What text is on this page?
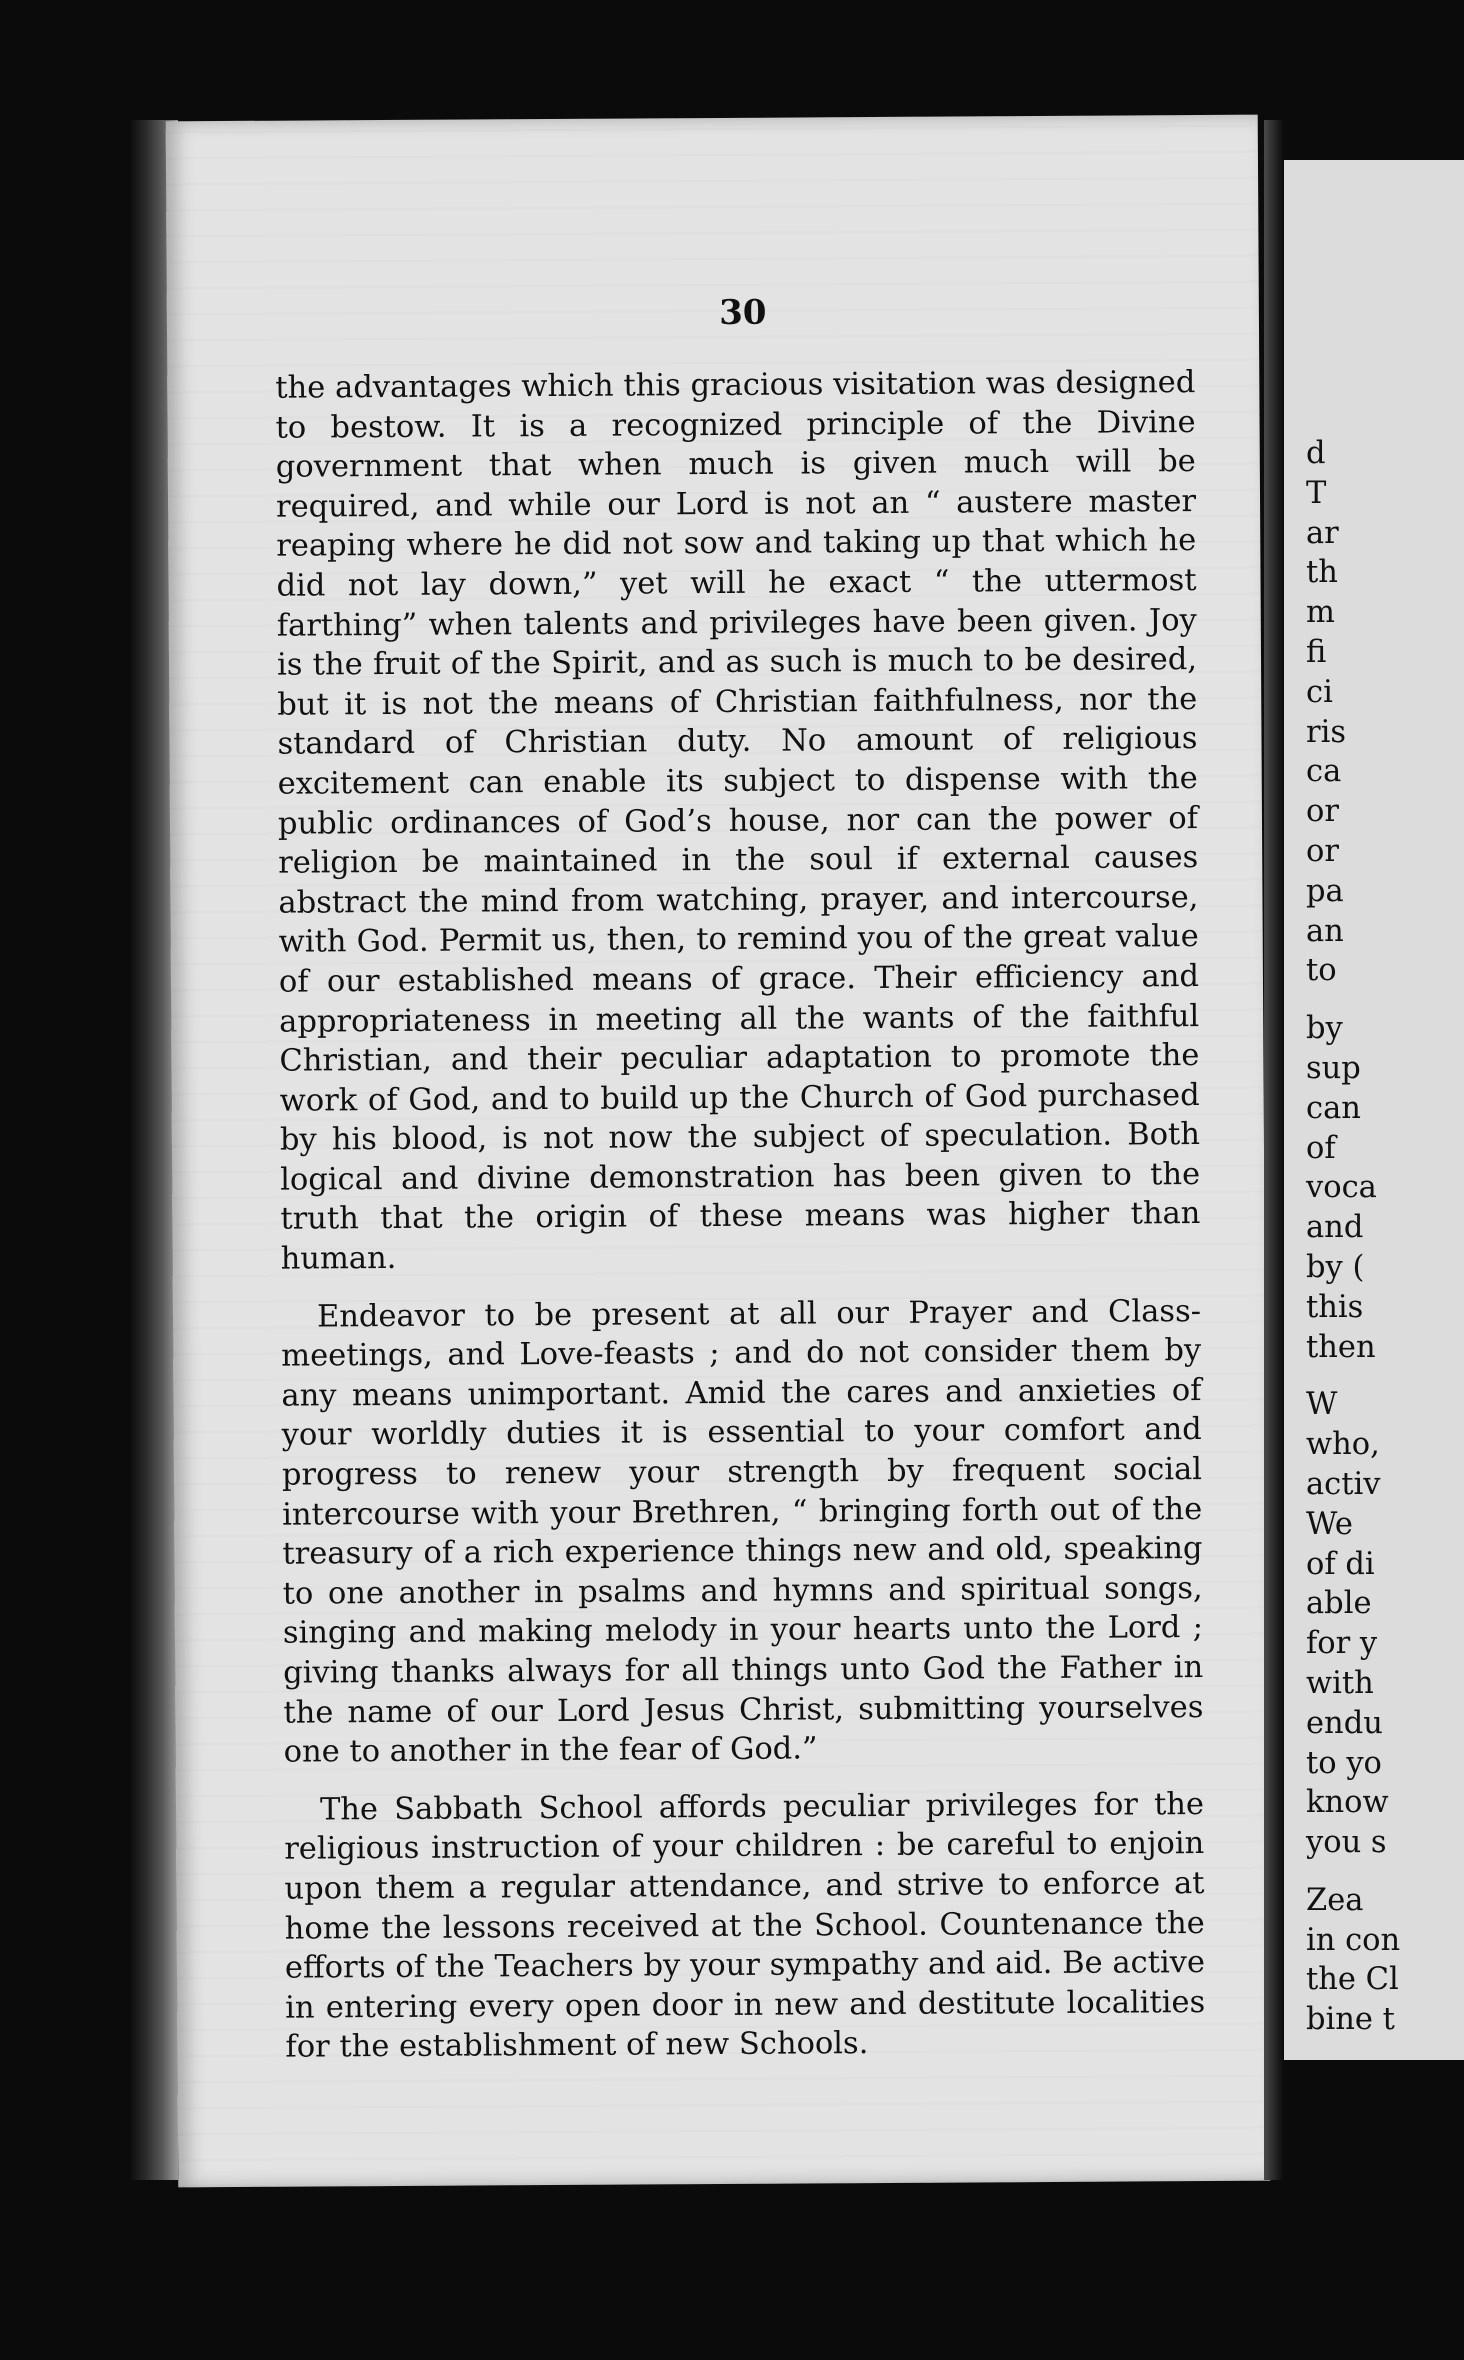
30

the advantages which this gracious visitation was designed to bestow. It is a recognized principle of the Divine government that when much is given much will be required, and while our Lord is not an “ austere master reaping where he did not sow and taking up that which he did not lay down,” yet will he exact “ the uttermost farthing” when talents and privileges have been given. Joy is the fruit of the Spirit, and as such is much to be desired, but it is not the means of Christian faithfulness, nor the standard of Christian duty. No amount of religious excitement can enable its subject to dispense with the public ordinances of God’s house, nor can the power of religion be maintained in the soul if external causes abstract the mind from watching, prayer, and intercourse, with God. Permit us, then, to remind you of the great value of our established means of grace. Their efficiency and appropriateness in meeting all the wants of the faithful Christian, and their peculiar adaptation to promote the work of God, and to build up the Church of God purchased by his blood, is not now the subject of speculation. Both logical and divine demonstration has been given to the truth that the origin of these means was higher than human.

Endeavor to be present at all our Prayer and Class-meetings, and Love-feasts ; and do not consider them by any means unimportant. Amid the cares and anxieties of your worldly duties it is essential to your comfort and progress to renew your strength by frequent social intercourse with your Brethren, “ bringing forth out of the treasury of a rich experience things new and old, speaking to one another in psalms and hymns and spiritual songs, singing and making melody in your hearts unto the Lord ; giving thanks always for all things unto God the Father in the name of our Lord Jesus Christ, submitting yourselves one to another in the fear of God.”

The Sabbath School affords peculiar privileges for the religious instruction of your children : be careful to enjoin upon them a regular attendance, and strive to enforce at home the lessons received at the School. Countenance the efforts of the Teachers by your sympathy and aid. Be active in entering every open door in new and destitute localities for the establishment of new Schools.

d
T
ar
th
m
fi
ci
ris
ca
or
or
pa
an
to
by
sup
can
of
voca
and
by (
this
then
W
who,
activ
We
of di
able
for y
with
endu
to yo
know
you s
Zea
in con
the Cl
bine t
